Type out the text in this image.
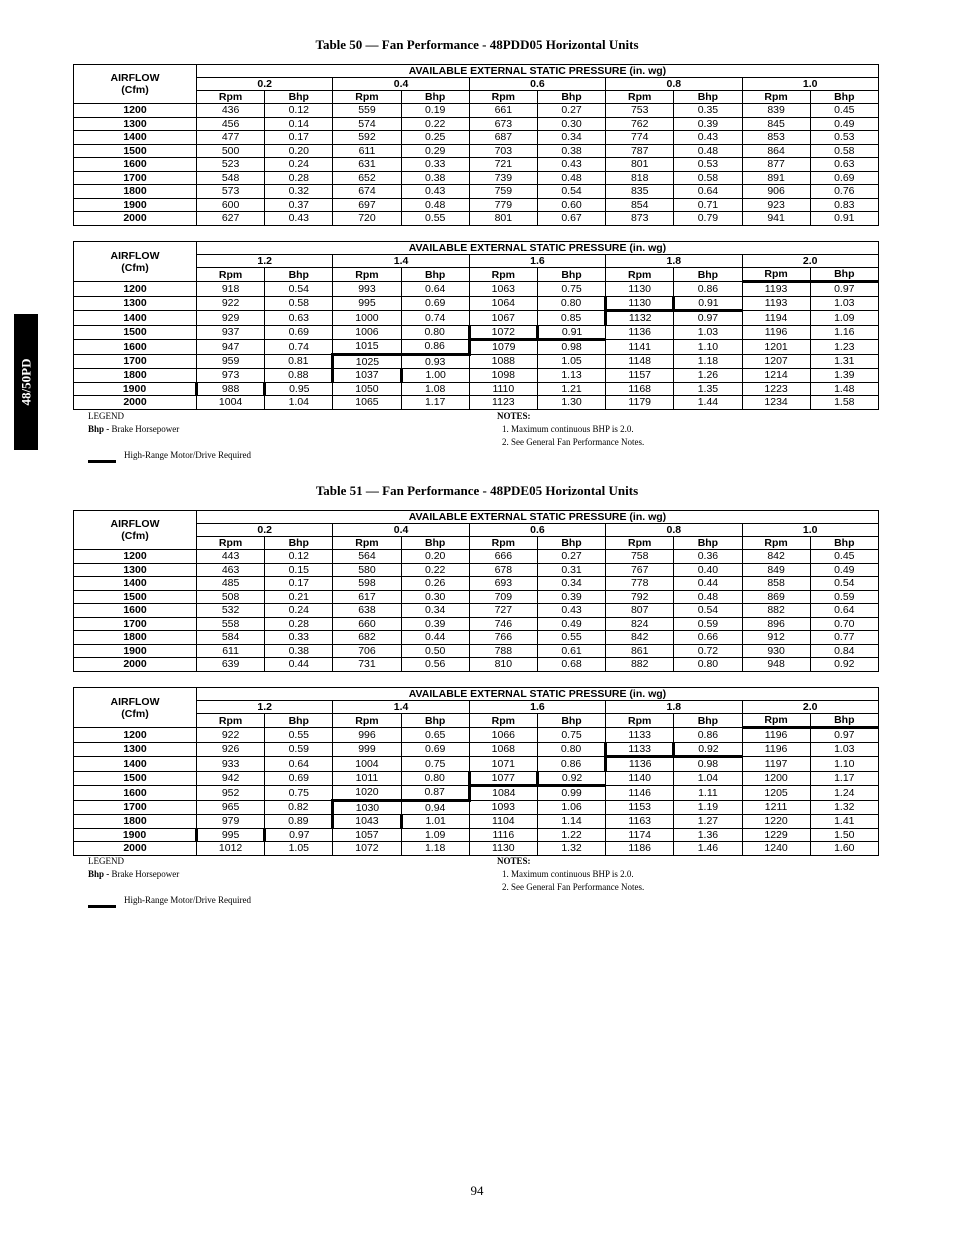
48/50PD
Table 50 — Fan Performance - 48PDD05 Horizontal Units
AIRFLOW
(Cfm)	AVAILABLE EXTERNAL STATIC PRESSURE (in. wg)									
	0.2		0.4		0.6		0.8		1.0	
	Rpm	Bhp	Rpm	Bhp	Rpm	Bhp	Rpm	Bhp	Rpm	Bhp
1200	436	0.12	559	0.19	661	0.27	753	0.35	839	0.45
1300	456	0.14	574	0.22	673	0.30	762	0.39	845	0.49
1400	477	0.17	592	0.25	687	0.34	774	0.43	853	0.53
1500	500	0.20	611	0.29	703	0.38	787	0.48	864	0.58
1600	523	0.24	631	0.33	721	0.43	801	0.53	877	0.63
1700	548	0.28	652	0.38	739	0.48	818	0.58	891	0.69
1800	573	0.32	674	0.43	759	0.54	835	0.64	906	0.76
1900	600	0.37	697	0.48	779	0.60	854	0.71	923	0.83
2000	627	0.43	720	0.55	801	0.67	873	0.79	941	0.91
AIRFLOW
(Cfm)	AVAILABLE EXTERNAL STATIC PRESSURE (in. wg)									
	1.2		1.4		1.6		1.8		2.0	
	Rpm	Bhp	Rpm	Bhp	Rpm	Bhp	Rpm	Bhp	Rpm	Bhp
1200	918	0.54	993	0.64	1063	0.75	1130	0.86	1193	0.97
1300	922	0.58	995	0.69	1064	0.80	1130	0.91	1193	1.03
1400	929	0.63	1000	0.74	1067	0.85	1132	0.97	1194	1.09
1500	937	0.69	1006	0.80	1072	0.91	1136	1.03	1196	1.16
1600	947	0.74	1015	0.86	1079	0.98	1141	1.10	1201	1.23
1700	959	0.81	1025	0.93	1088	1.05	1148	1.18	1207	1.31
1800	973	0.88	1037	1.00	1098	1.13	1157	1.26	1214	1.39
1900	988	0.95	1050	1.08	1110	1.21	1168	1.35	1223	1.48
2000	1004	1.04	1065	1.17	1123	1.30	1179	1.44	1234	1.58
LEGEND
Bhp - Brake Horsepower
High-Range Motor/Drive Required
NOTES:
1. Maximum continuous BHP is 2.0.
2. See General Fan Performance Notes.
Table 51 — Fan Performance - 48PDE05 Horizontal Units
AIRFLOW
(Cfm)	AVAILABLE EXTERNAL STATIC PRESSURE (in. wg)									
	0.2		0.4		0.6		0.8		1.0	
	Rpm	Bhp	Rpm	Bhp	Rpm	Bhp	Rpm	Bhp	Rpm	Bhp
1200	443	0.12	564	0.20	666	0.27	758	0.36	842	0.45
1300	463	0.15	580	0.22	678	0.31	767	0.40	849	0.49
1400	485	0.17	598	0.26	693	0.34	778	0.44	858	0.54
1500	508	0.21	617	0.30	709	0.39	792	0.48	869	0.59
1600	532	0.24	638	0.34	727	0.43	807	0.54	882	0.64
1700	558	0.28	660	0.39	746	0.49	824	0.59	896	0.70
1800	584	0.33	682	0.44	766	0.55	842	0.66	912	0.77
1900	611	0.38	706	0.50	788	0.61	861	0.72	930	0.84
2000	639	0.44	731	0.56	810	0.68	882	0.80	948	0.92
AIRFLOW
(Cfm)	AVAILABLE EXTERNAL STATIC PRESSURE (in. wg)									
	1.2		1.4		1.6		1.8		2.0	
	Rpm	Bhp	Rpm	Bhp	Rpm	Bhp	Rpm	Bhp	Rpm	Bhp
1200	922	0.55	996	0.65	1066	0.75	1133	0.86	1196	0.97
1300	926	0.59	999	0.69	1068	0.80	1133	0.92	1196	1.03
1400	933	0.64	1004	0.75	1071	0.86	1136	0.98	1197	1.10
1500	942	0.69	1011	0.80	1077	0.92	1140	1.04	1200	1.17
1600	952	0.75	1020	0.87	1084	0.99	1146	1.11	1205	1.24
1700	965	0.82	1030	0.94	1093	1.06	1153	1.19	1211	1.32
1800	979	0.89	1043	1.01	1104	1.14	1163	1.27	1220	1.41
1900	995	0.97	1057	1.09	1116	1.22	1174	1.36	1229	1.50
2000	1012	1.05	1072	1.18	1130	1.32	1186	1.46	1240	1.60
LEGEND
Bhp - Brake Horsepower
High-Range Motor/Drive Required
NOTES:
1. Maximum continuous BHP is 2.0.
2. See General Fan Performance Notes.
94
